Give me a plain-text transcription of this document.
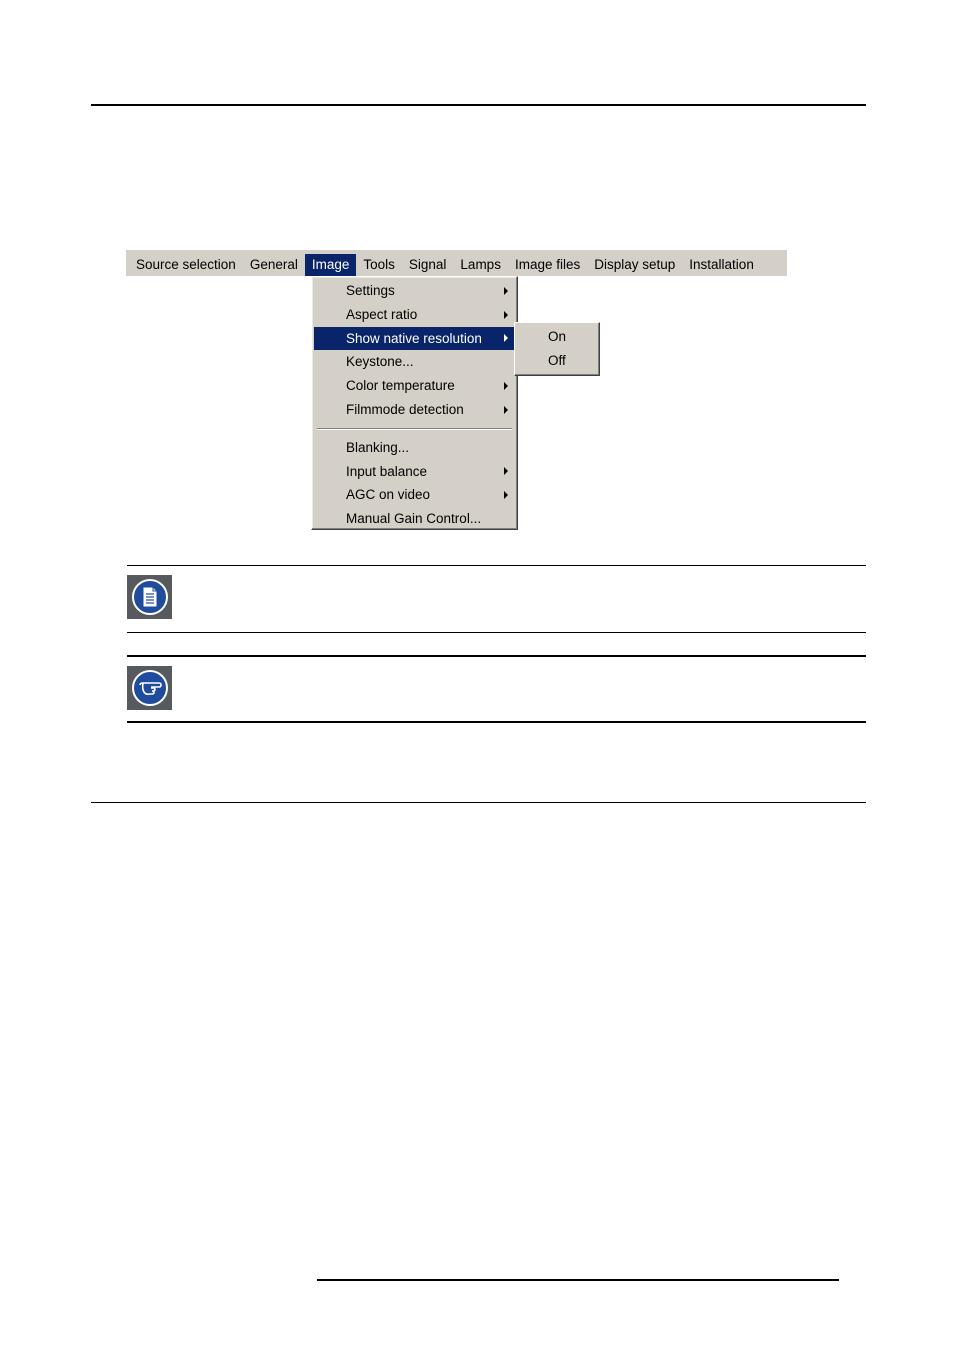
Source selection	General	Image	Tools	Signal	Lamps	Image files	Display setup	Installation
Settings
Aspect ratio
Show native resolution
Keystone...
Color temperature
Filmmode detection
Blanking...
Input balance
AGC on video
Manual Gain Control...
On
Off
